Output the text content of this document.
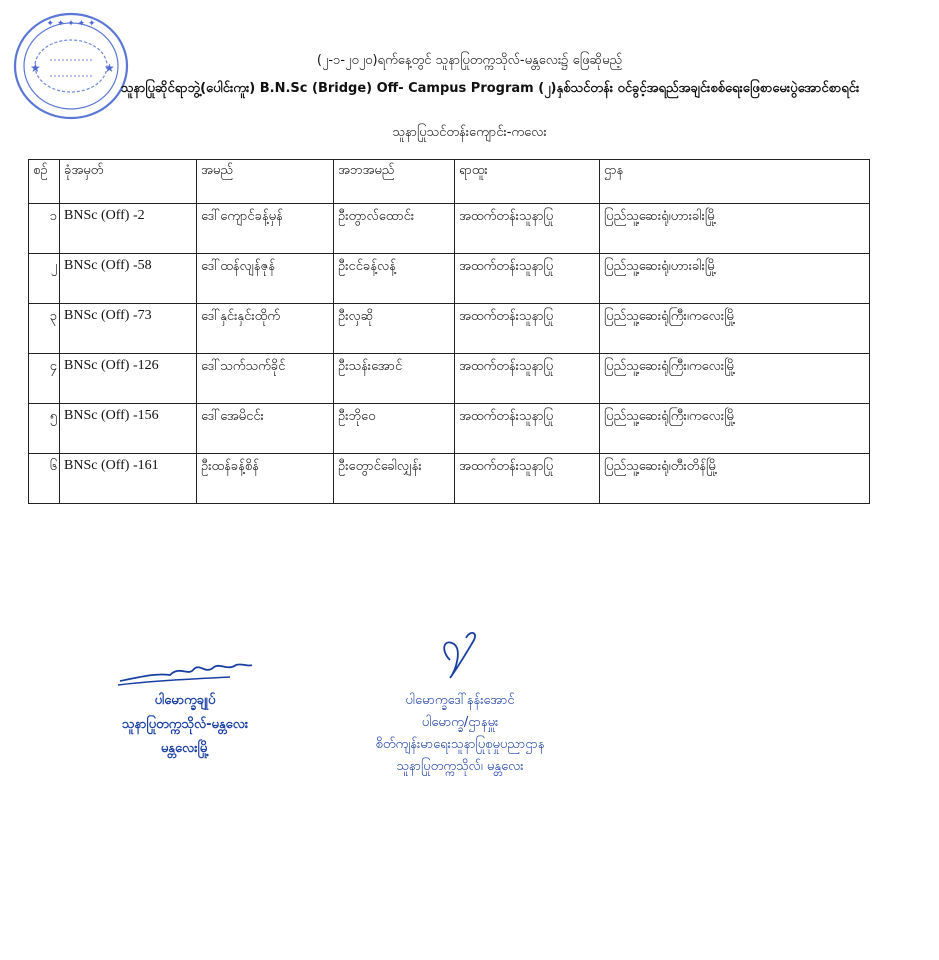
✦ ✦ ✦ ✦ ✦
★	★	(၂-၁-၂၀၂၀)ရက်နေ့တွင် သူနာပြုတက္ကသိုလ်-မန္တလေး၌ ဖြေဆိုမည့်
သူနာပြုဆိုင်ရာဘွဲ့(ပေါင်းကူး) B.N.Sc (Bridge) Off- Campus Program (၂)နှစ်သင်တန်း ဝင်ခွင့်အရည်အချင်းစစ်ရေးဖြေစာမေးပွဲအောင်စာရင်း
သူနာပြုသင်တန်းကျောင်း-ကလေး
စဉ်	ခုံအမှတ်	အမည်	အဘအမည်	ရာထူး	ဌာန
၁	BNSc (Off) -2	ဒေါ်ကျောင်ခန့်မှန်	ဦးတွာလ်ထောင်း	အထက်တန်းသူနာပြု	ပြည်သူ့ဆေးရုံ၊ဟားခါးမြို့
၂	BNSc (Off) -58	ဒေါ်ထန်လျန်ဇုန်	ဦးငင်ခန့်လန့်	အထက်တန်းသူနာပြု	ပြည်သူ့ဆေးရုံ၊ဟားခါးမြို့
၃	BNSc (Off) -73	ဒေါ်နှင်းနှင်းထိုက်	ဦးလှဆို	အထက်တန်းသူနာပြု	ပြည်သူ့ဆေးရုံကြီး၊ကလေးမြို့
၄	BNSc (Off) -126	ဒေါ်သက်သက်ခိုင်	ဦးသန်းအောင်	အထက်တန်းသူနာပြု	ပြည်သူ့ဆေးရုံကြီး၊ကလေးမြို့
၅	BNSc (Off) -156	ဒေါ်အေမိငင်း	ဦးဘိုဝေ	အထက်တန်းသူနာပြု	ပြည်သူ့ဆေးရုံကြီး၊ကလေးမြို့
၆	BNSc (Off) -161	ဦးထန်ခန့်စိန်	ဦးတွောင်ခေါလျှန်း	အထက်တန်းသူနာပြု	ပြည်သူ့ဆေးရုံ၊တီးတိန်မြို့
ပါမောက္ခချုပ်
သူနာပြုတက္ကသိုလ်-မန္တလေး
မန္တလေးမြို့
ပါမောက္ခဒေါ်နန်းအောင်
ပါမောက္ခ/ဌာနမှူး
စိတ်ကျန်းမာရေးသူနာပြုစုမှုပညာဌာန
သူနာပြုတက္ကသိုလ်၊ မန္တလေး
